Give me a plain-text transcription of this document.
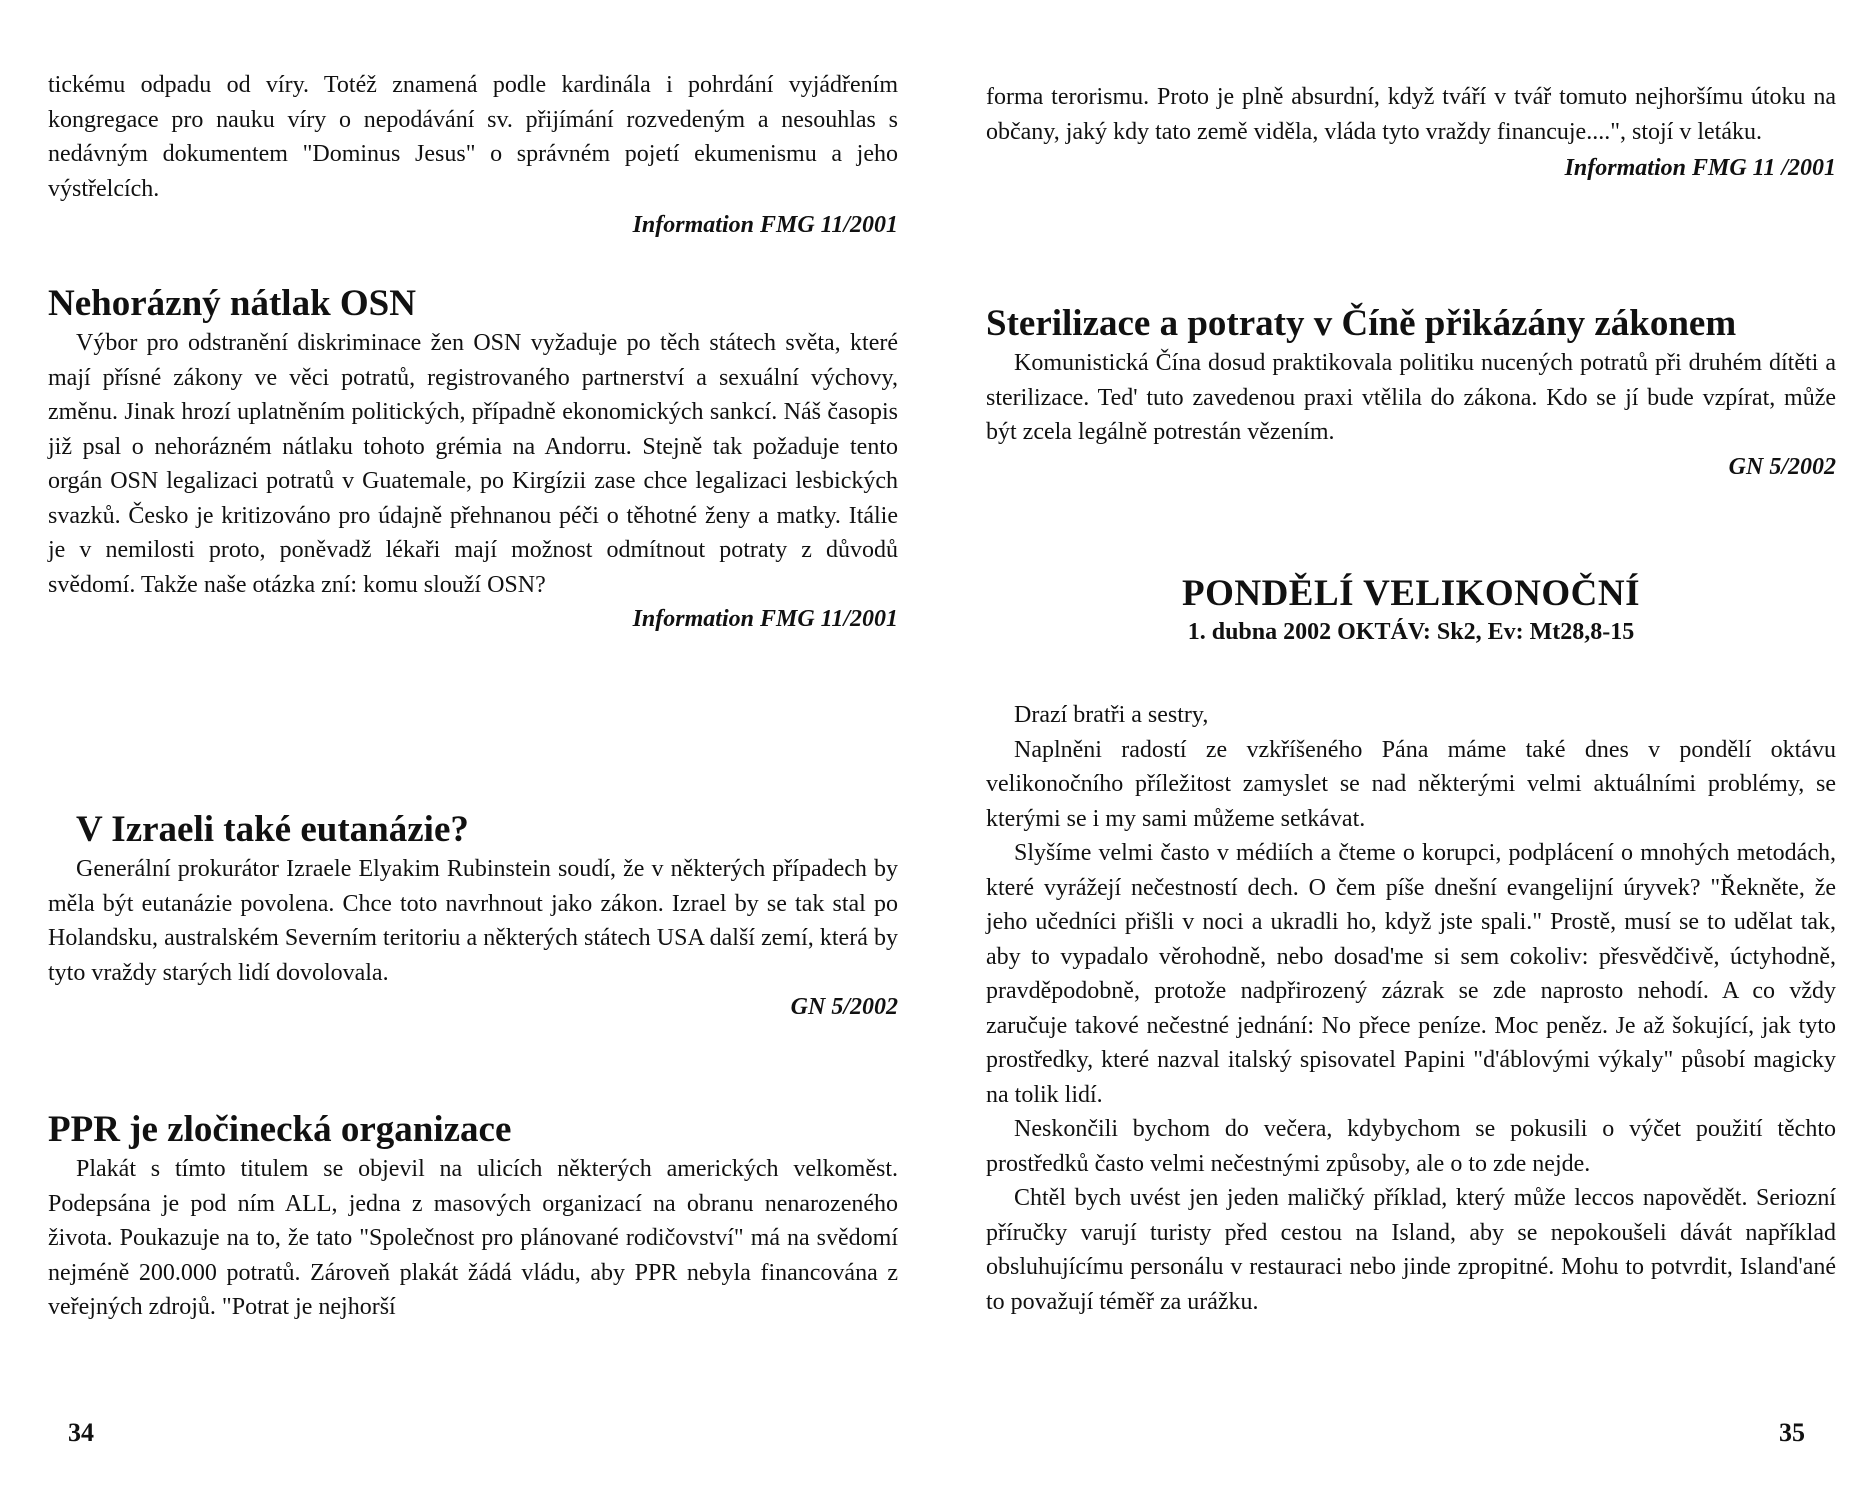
tickému odpadu od víry. Totéž znamená podle kardinála i pohrdání vyjádřením kongregace pro nauku víry o nepodávání sv. přijímání rozvedeným a nesouhlas s nedávným dokumentem "Dominus Jesus" o správném pojetí ekumenismu a jeho výstřelcích.

Information FMG 11/2001

Nehorázný nátlak OSN

Výbor pro odstranění diskriminace žen OSN vyžaduje po těch státech světa, které mají přísné zákony ve věci potratů, registrovaného partnerství a sexuální výchovy, změnu. Jinak hrozí uplatněním politických, případně ekonomických sankcí. Náš časopis již psal o nehorázném nátlaku tohoto grémia na Andorru. Stejně tak požaduje tento orgán OSN legalizaci potratů v Guatemale, po Kirgízii zase chce legalizaci lesbických svazků. Česko je kritizováno pro údajně přehnanou péči o těhotné ženy a matky. Itálie je v nemilosti proto, poněvadž lékaři mají možnost odmítnout potraty z důvodů svědomí. Takže naše otázka zní: komu slouží OSN?

Information FMG 11/2001

V Izraeli také eutanázie?

Generální prokurátor Izraele Elyakim Rubinstein soudí, že v některých případech by měla být eutanázie povolena. Chce toto navrhnout jako zákon. Izrael by se tak stal po Holandsku, australském Severním teritoriu a některých státech USA další zemí, která by tyto vraždy starých lidí dovolovala.

GN 5/2002

PPR je zločinecká organizace

Plakát s tímto titulem se objevil na ulicích některých amerických velkoměst. Podepsána je pod ním ALL, jedna z masových organizací na obranu nenarozeného života. Poukazuje na to, že tato "Společnost pro plánované rodičovství" má na svědomí nejméně 200.000 potratů. Zároveň plakát žádá vládu, aby PPR nebyla financována z veřejných zdrojů. "Potrat je nejhorší

34

forma terorismu. Proto je plně absurdní, když tváří v tvář tomuto nejhoršímu útoku na občany, jaký kdy tato země viděla, vláda tyto vraždy financuje....", stojí v letáku.

Information FMG 11 /2001

Sterilizace a potraty v Číně přikázány zákonem

Komunistická Čína dosud praktikovala politiku nucených potratů při druhém dítěti a sterilizace. Ted' tuto zavedenou praxi vtělila do zákona. Kdo se jí bude vzpírat, může být zcela legálně potrestán vězením.

GN 5/2002

PONDĚLÍ VELIKONOČNÍ

1. dubna 2002 OKTÁV: Sk2, Ev: Mt28,8-15

Drazí bratři a sestry,

Naplněni radostí ze vzkříšeného Pána máme také dnes v pondělí oktávu velikonočního příležitost zamyslet se nad některými velmi aktuálními problémy, se kterými se i my sami můžeme setkávat.

Slyšíme velmi často v médiích a čteme o korupci, podplácení o mnohých metodách, které vyrážejí nečestností dech. O čem píše dnešní evangelijní úryvek? "Řekněte, že jeho učedníci přišli v noci a ukradli ho, když jste spali." Prostě, musí se to udělat tak, aby to vypadalo věrohodně, nebo dosad'me si sem cokoliv: přesvědčivě, úctyhodně, pravděpodobně, protože nadpřirozený zázrak se zde naprosto nehodí. A co vždy zaručuje takové nečestné jednání: No přece peníze. Moc peněz. Je až šokující, jak tyto prostředky, které nazval italský spisovatel Papini "d'áblovými výkaly" působí magicky na tolik lidí.

Neskončili bychom do večera, kdybychom se pokusili o výčet použití těchto prostředků často velmi nečestnými způsoby, ale o to zde nejde.

Chtěl bych uvést jen jeden maličký příklad, který může leccos napovědět. Seriozní příručky varují turisty před cestou na Island, aby se nepokoušeli dávát například obsluhujícímu personálu v restauraci nebo jinde zpropitné. Mohu to potvrdit, Island'ané to považují téměř za urážku.

35
